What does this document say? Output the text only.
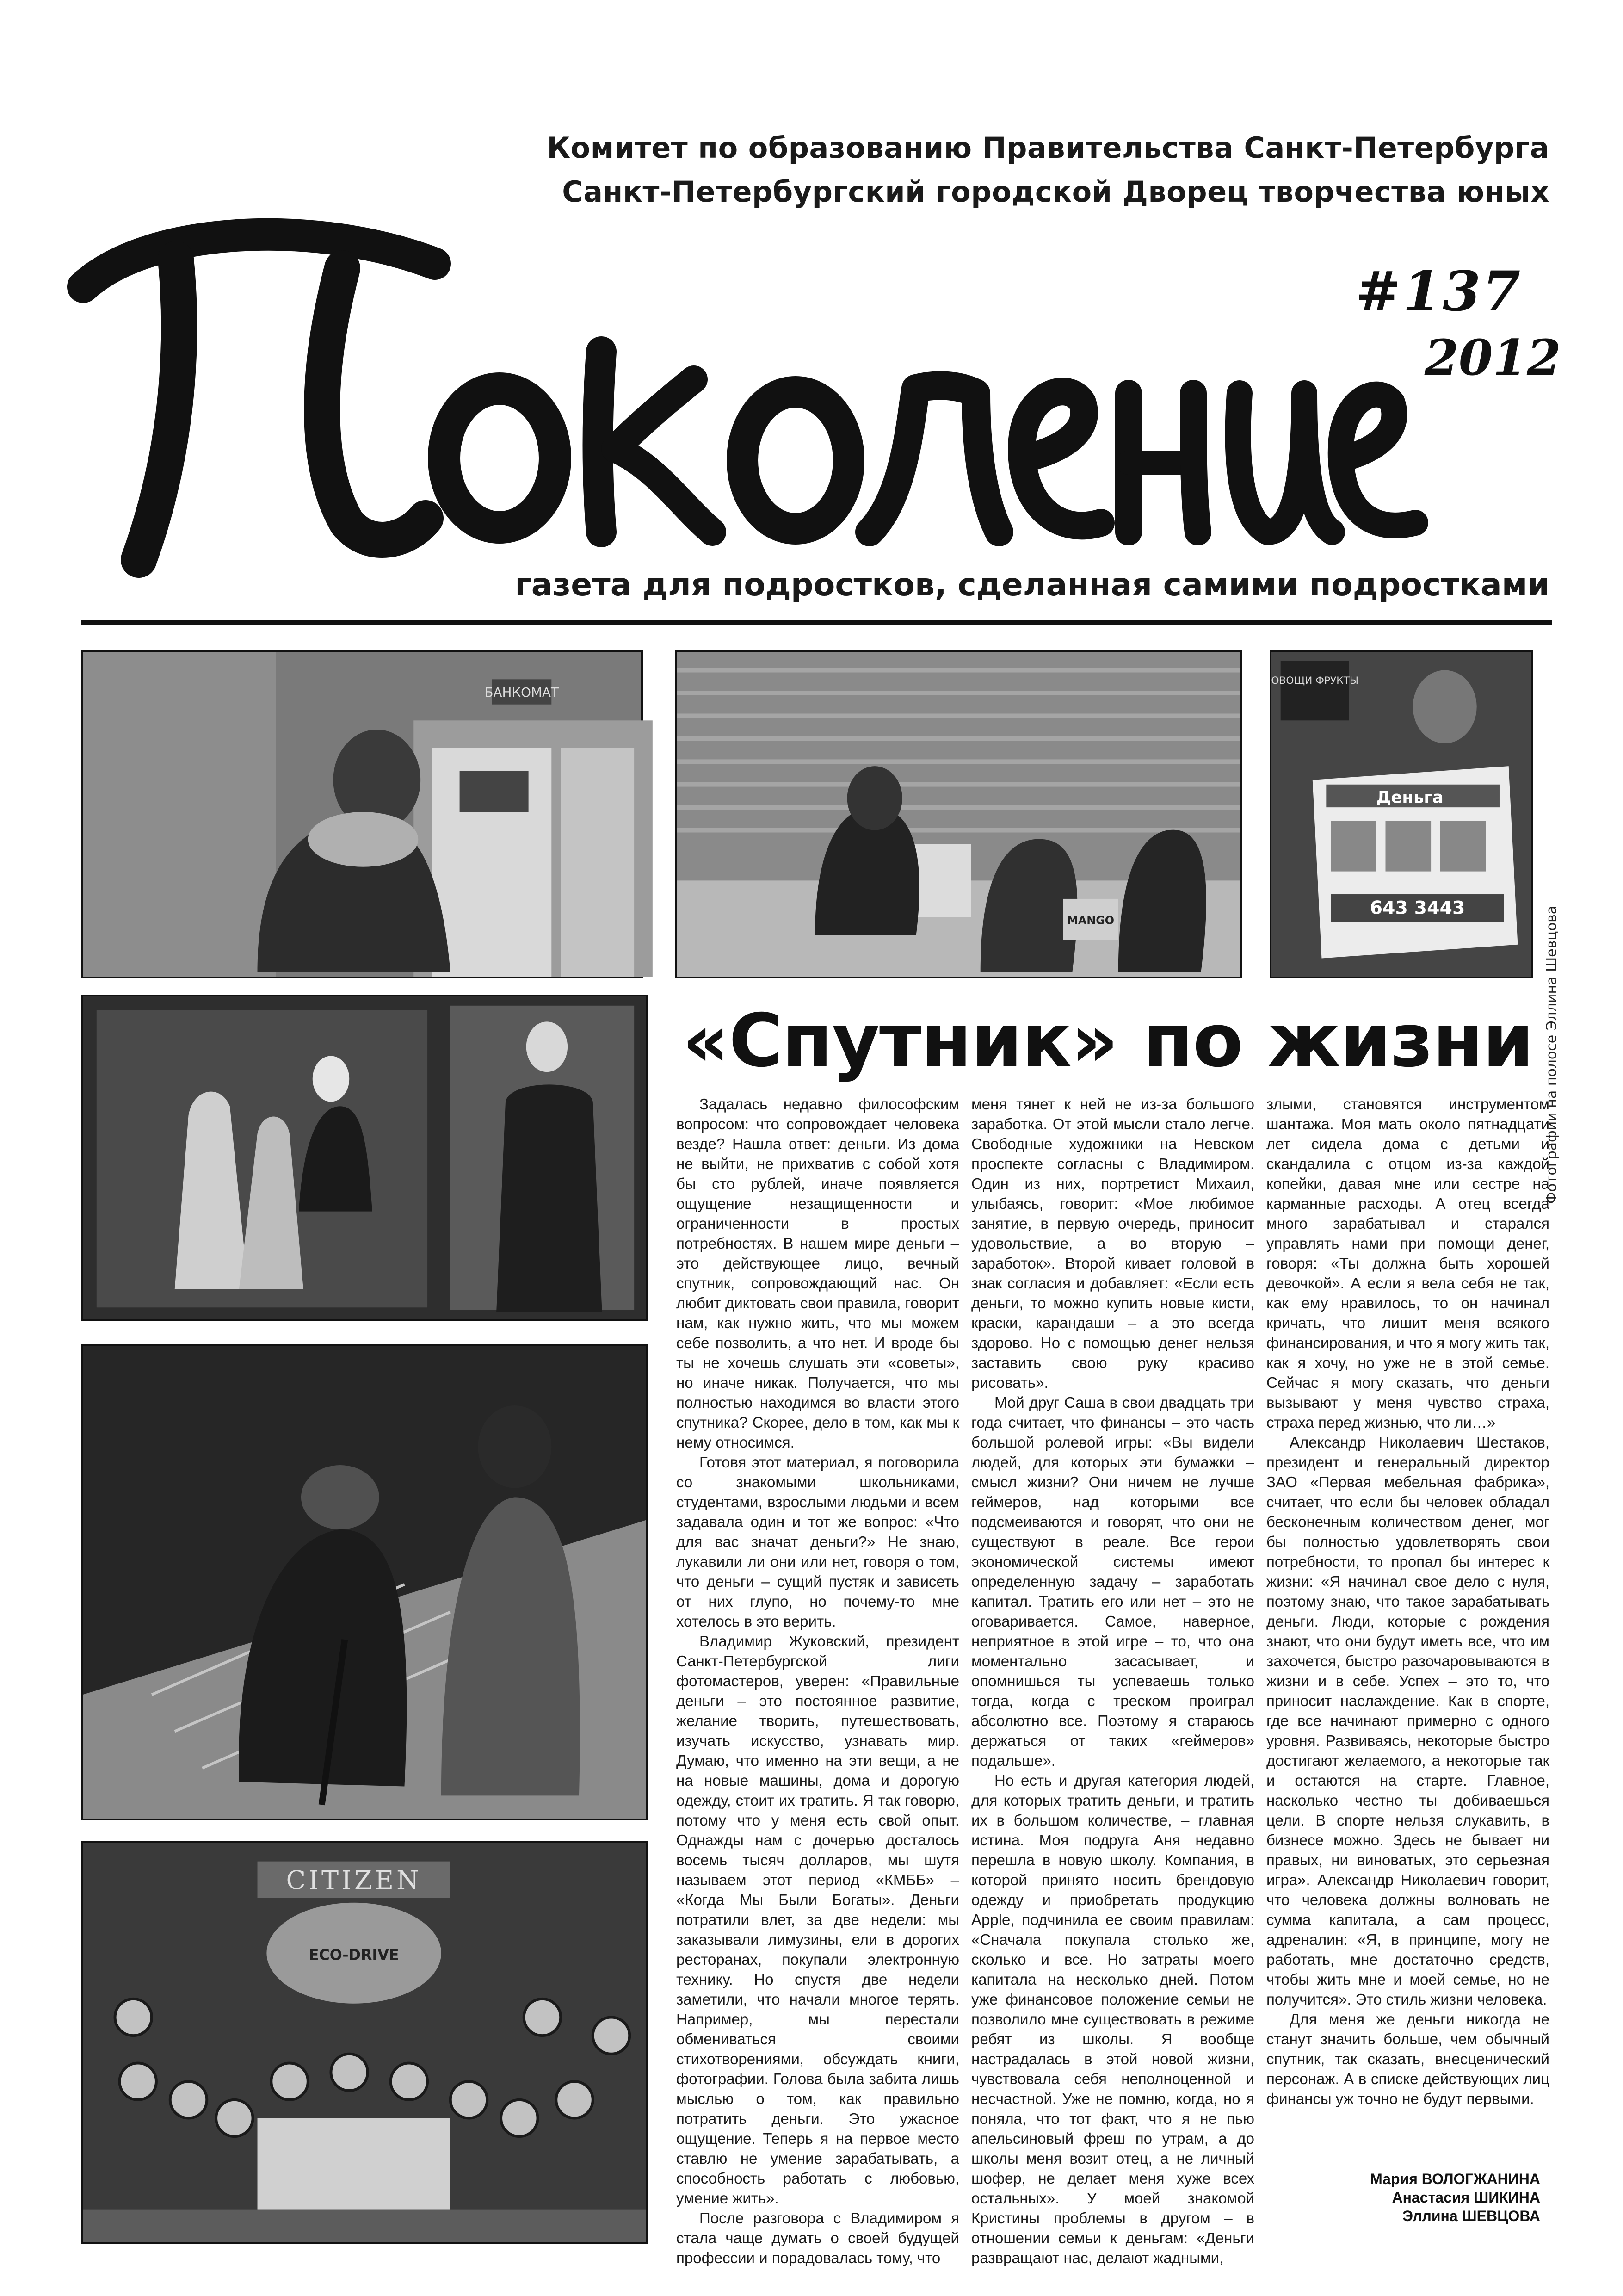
Комитет по образованию Правительства Санкт-Петербурга
Санкт-Петербургский городской Дворец творчества юных
#137
2012
газета для подростков, сделанная самими подростками
БАНКОМАТ
MANGO
ОВОЩИ ФРУКТЫ
Деньга
643 3443	Фотографии на полосе Эллина Шевцова
CITIZEN
ECO-DRIVE
«Спутник» по жизни

Задалась недавно философским вопросом: что сопровождает человека везде? Нашла ответ: деньги. Из дома не выйти, не прихватив с собой хотя бы сто рублей, иначе появляется ощущение незащищенности и ограниченности в простых потребностях. В нашем мире деньги – это действующее лицо, вечный спутник, сопровождающий нас. Он любит диктовать свои правила, говорит нам, как нужно жить, что мы можем себе позволить, а что нет. И вроде бы ты не хочешь слушать эти «советы», но иначе никак. Получается, что мы полностью находимся во власти этого спутника? Скорее, дело в том, как мы к нему относимся.

Готовя этот материал, я поговорила со знакомыми школьниками, студентами, взрослыми людьми и всем задавала один и тот же вопрос: «Что для вас значат деньги?» Не знаю, лукавили ли они или нет, говоря о том, что деньги – сущий пустяк и зависеть от них глупо, но почему-то мне хотелось в это верить.

Владимир Жуковский, президент Санкт-Петербургской лиги фотомастеров, уверен: «Правильные деньги – это постоянное развитие, желание творить, путешествовать, изучать искусство, узнавать мир. Думаю, что именно на эти вещи, а не на новые машины, дома и дорогую одежду, стоит их тратить. Я так говорю, потому что у меня есть свой опыт. Однажды нам с дочерью досталось восемь тысяч долларов, мы шутя называем этот период «КМББ» – «Когда Мы Были Богаты». Деньги потратили влет, за две недели: мы заказывали лимузины, ели в дорогих ресторанах, покупали электронную технику. Но спустя две недели заметили, что начали многое терять. Например, мы перестали обмениваться своими стихотворениями, обсуждать книги, фотографии. Голова была забита лишь мыслью о том, как правильно потратить деньги. Это ужасное ощущение. Теперь я на первое место ставлю не умение зарабатывать, а способность работать с любовью, умение жить».

После разговора с Владимиром я стала чаще думать о своей будущей профессии и порадовалась тому, что

меня тянет к ней не из-за большого заработка. От этой мысли стало легче. Свободные художники на Невском проспекте согласны с Владимиром. Один из них, портретист Михаил, улыбаясь, говорит: «Мое любимое занятие, в первую очередь, приносит удовольствие, а во вторую – заработок». Второй кивает головой в знак согласия и добавляет: «Если есть деньги, то можно купить новые кисти, краски, карандаши – а это всегда здорово. Но с помощью денег нельзя заставить свою руку красиво рисовать».

Мой друг Саша в свои двадцать три года считает, что финансы – это часть большой ролевой игры: «Вы видели людей, для которых эти бумажки – смысл жизни? Они ничем не лучше геймеров, над которыми все подсмеиваются и говорят, что они не существуют в реале. Все герои экономической системы имеют определенную задачу – заработать капитал. Тратить его или нет – это не оговаривается. Самое, наверное, неприятное в этой игре – то, что она моментально засасывает, и опомнишься ты успеваешь только тогда, когда с треском проиграл абсолютно все. Поэтому я стараюсь держаться от таких «геймеров» подальше».

Но есть и другая категория людей, для которых тратить деньги, и тратить их в большом количестве, – главная истина. Моя подруга Аня недавно перешла в новую школу. Компания, в которой принято носить брендовую одежду и приобретать продукцию Apple, подчинила ее своим правилам: «Сначала покупала столько же, сколько и все. Но затраты моего капитала на несколько дней. Потом уже финансовое положение семьи не позволило мне существовать в режиме ребят из школы. Я вообще настрадалась в этой новой жизни, чувствовала себя неполноценной и несчастной. Уже не помню, когда, но я поняла, что тот факт, что я не пью апельсиновый фреш по утрам, а до школы меня возит отец, а не личный шофер, не делает меня хуже всех остальных». У моей знакомой Кристины проблемы в другом – в отношении семьи к деньгам: «Деньги развращают нас, делают жадными,

злыми, становятся инструментом шантажа. Моя мать около пятнадцати лет сидела дома с детьми и скандалила с отцом из-за каждой копейки, давая мне или сестре на карманные расходы. А отец всегда много зарабатывал и старался управлять нами при помощи денег, говоря: «Ты должна быть хорошей девочкой». А если я вела себя не так, как ему нравилось, то он начинал кричать, что лишит меня всякого финансирования, и что я могу жить так, как я хочу, но уже не в этой семье. Сейчас я могу сказать, что деньги вызывают у меня чувство страха, страха перед жизнью, что ли…»

Александр Николаевич Шестаков, президент и генеральный директор ЗАО «Первая мебельная фабрика», считает, что если бы человек обладал бесконечным количеством денег, мог бы полностью удовлетворять свои потребности, то пропал бы интерес к жизни: «Я начинал свое дело с нуля, поэтому знаю, что такое зарабатывать деньги. Люди, которые с рождения знают, что они будут иметь все, что им захочется, быстро разочаровываются в жизни и в себе. Успех – это то, что приносит наслаждение. Как в спорте, где все начинают примерно с одного уровня. Развиваясь, некоторые быстро достигают желаемого, а некоторые так и остаются на старте. Главное, насколько честно ты добиваешься цели. В спорте нельзя слукавить, в бизнесе можно. Здесь не бывает ни правых, ни виноватых, это серьезная игра». Александр Николаевич говорит, что человека должны волновать не сумма капитала, а сам процесс, адреналин: «Я, в принципе, могу не работать, мне достаточно средств, чтобы жить мне и моей семье, но не получится». Это стиль жизни человека.

Для меня же деньги никогда не станут значить больше, чем обычный спутник, так сказать, внесценический персонаж. А в списке действующих лиц финансы уж точно не будут первыми.

Мария ВОЛОГЖАНИНА
Анастасия ШИКИНА
Эллина ШЕВЦОВА
